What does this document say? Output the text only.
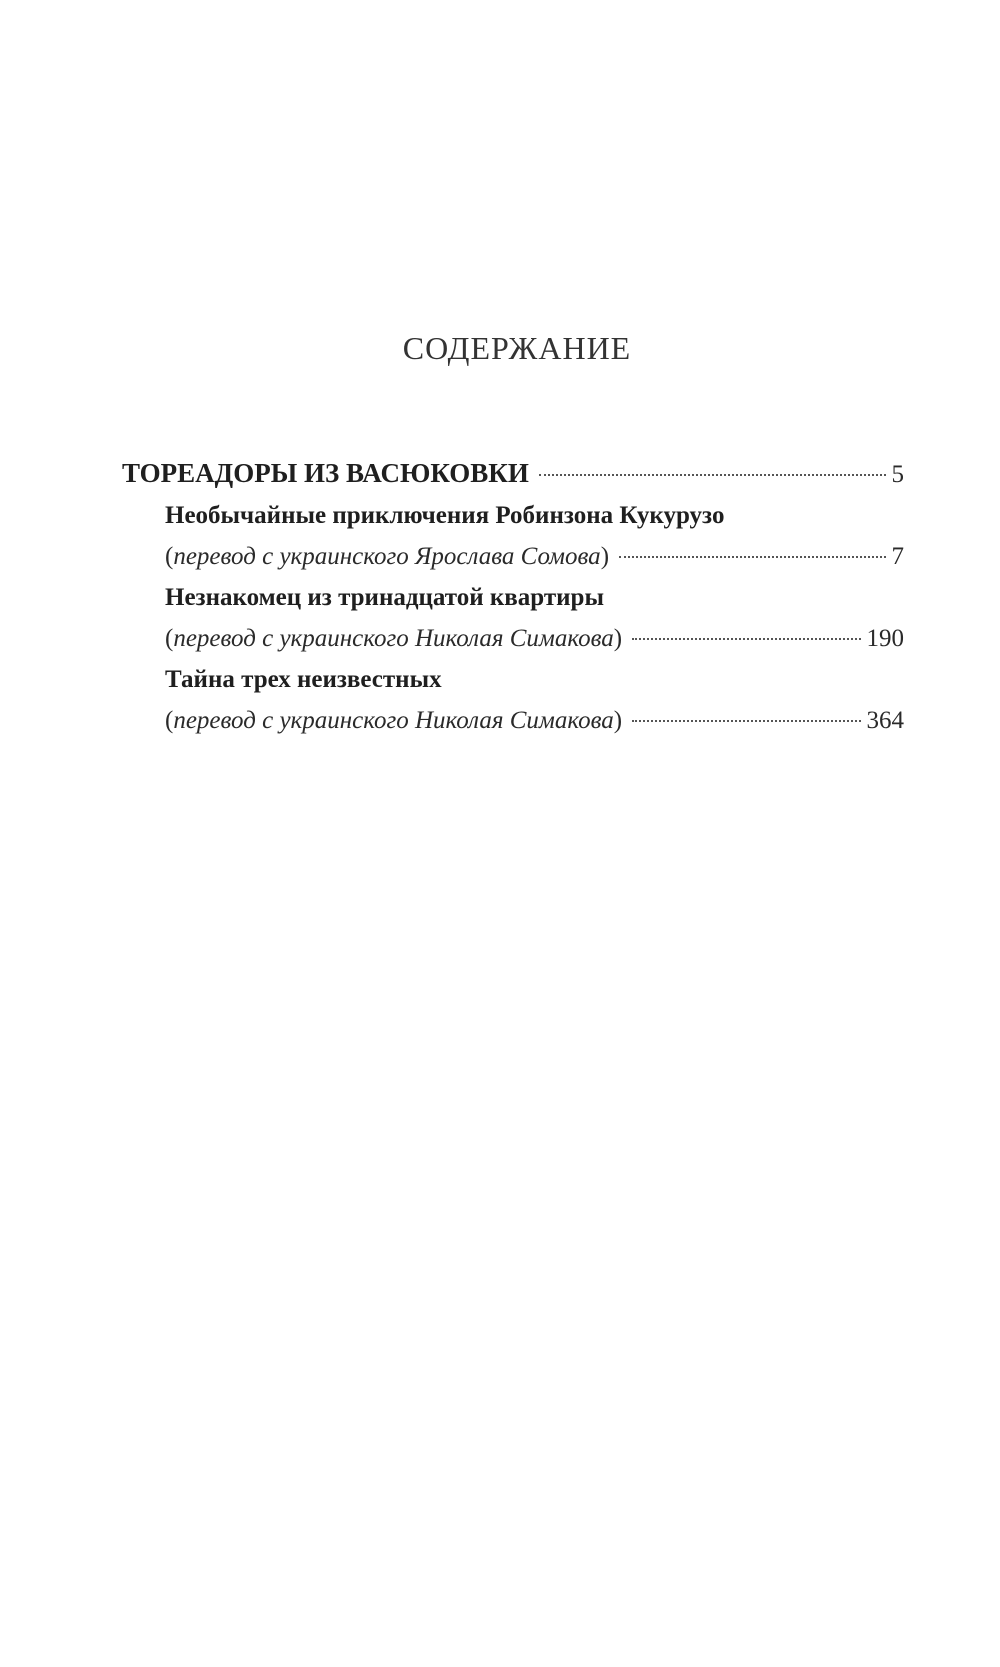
СОДЕРЖАНИЕ
ТОРЕАДОРЫ ИЗ ВАСЮКОВКИ	5
Необычайные приключения Робинзона Кукурузо
(перевод с украинского Ярослава Сомова)	7
Незнакомец из тринадцатой квартиры
(перевод с украинского Николая Симакова)	190
Тайна трех неизвестных
(перевод с украинского Николая Симакова)	364
